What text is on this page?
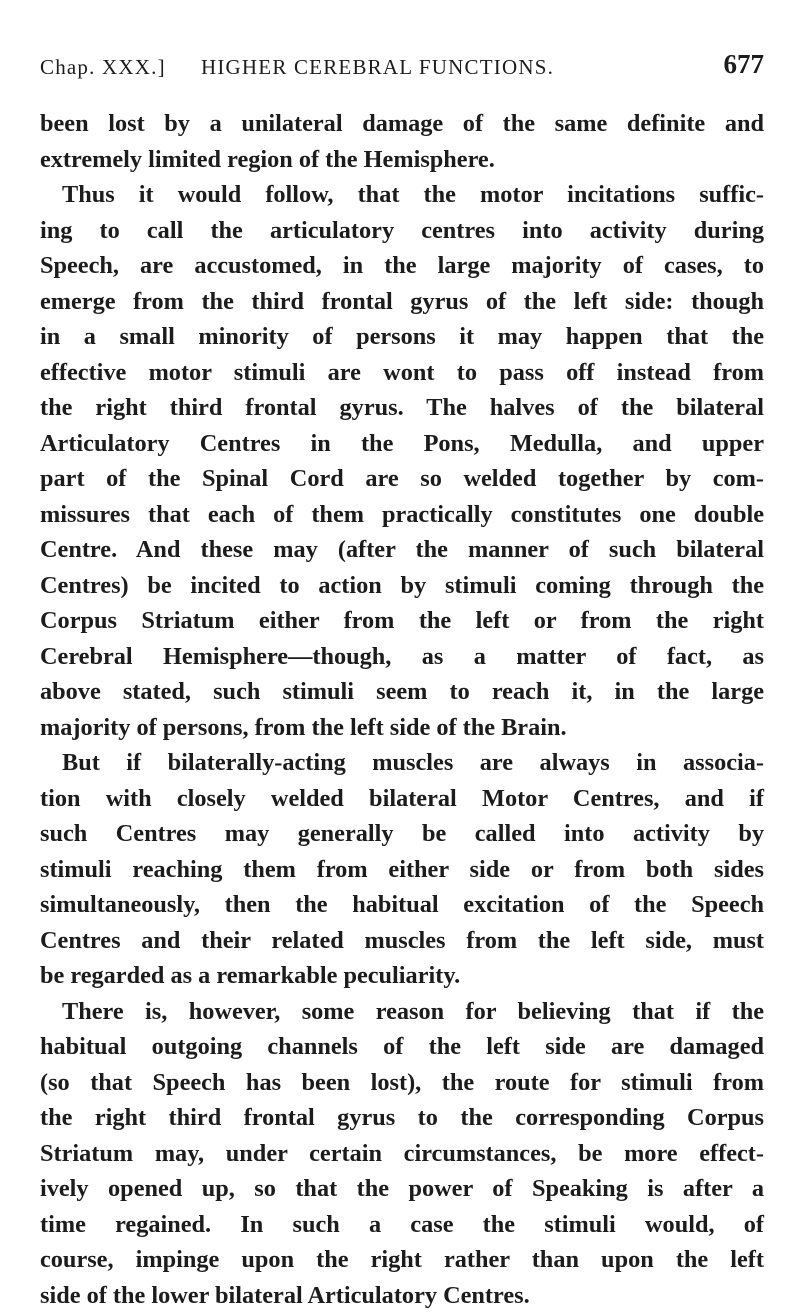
Chap. XXX.] HIGHER CEREBRAL FUNCTIONS.	677
been lost by a unilateral damage of the same definite and
extremely limited region of the Hemisphere.
Thus it would follow, that the motor incitations suffic-
ing to call the articulatory centres into activity during
Speech, are accustomed, in the large majority of cases, to
emerge from the third frontal gyrus of the left side: though
in a small minority of persons it may happen that the
effective motor stimuli are wont to pass off instead from
the right third frontal gyrus. The halves of the bilateral
Articulatory Centres in the Pons, Medulla, and upper
part of the Spinal Cord are so welded together by com-
missures that each of them practically constitutes one double
Centre. And these may (after the manner of such bilateral
Centres) be incited to action by stimuli coming through the
Corpus Striatum either from the left or from the right
Cerebral Hemisphere—though, as a matter of fact, as
above stated, such stimuli seem to reach it, in the large
majority of persons, from the left side of the Brain.
But if bilaterally-acting muscles are always in associa-
tion with closely welded bilateral Motor Centres, and if
such Centres may generally be called into activity by
stimuli reaching them from either side or from both sides
simultaneously, then the habitual excitation of the Speech
Centres and their related muscles from the left side, must
be regarded as a remarkable peculiarity.
There is, however, some reason for believing that if the
habitual outgoing channels of the left side are damaged
(so that Speech has been lost), the route for stimuli from
the right third frontal gyrus to the corresponding Corpus
Striatum may, under certain circumstances, be more effect-
ively opened up, so that the power of Speaking is after a
time regained. In such a case the stimuli would, of
course, impinge upon the right rather than upon the left
side of the lower bilateral Articulatory Centres.
